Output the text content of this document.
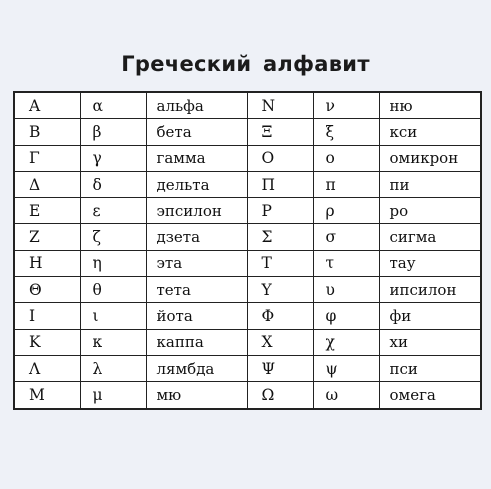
Греческий алфавит
Α	α	альфа	Ν	ν	ню
Β	β	бета	Ξ	ξ	кси
Γ	γ	гамма	Ο	ο	омикрон
Δ	δ	дельта	Π	π	пи
Ε	ε	эпсилон	Ρ	ρ	ро
Ζ	ζ	дзета	Σ	σ	сигма
Η	η	эта	Τ	τ	тау
Θ	θ	тета	Υ	υ	ипсилон
Ι	ι	йота	Φ	φ	фи
Κ	κ	каппа	Χ	χ	хи
Λ	λ	лямбда	Ψ	ψ	пси
Μ	μ	мю	Ω	ω	омега
